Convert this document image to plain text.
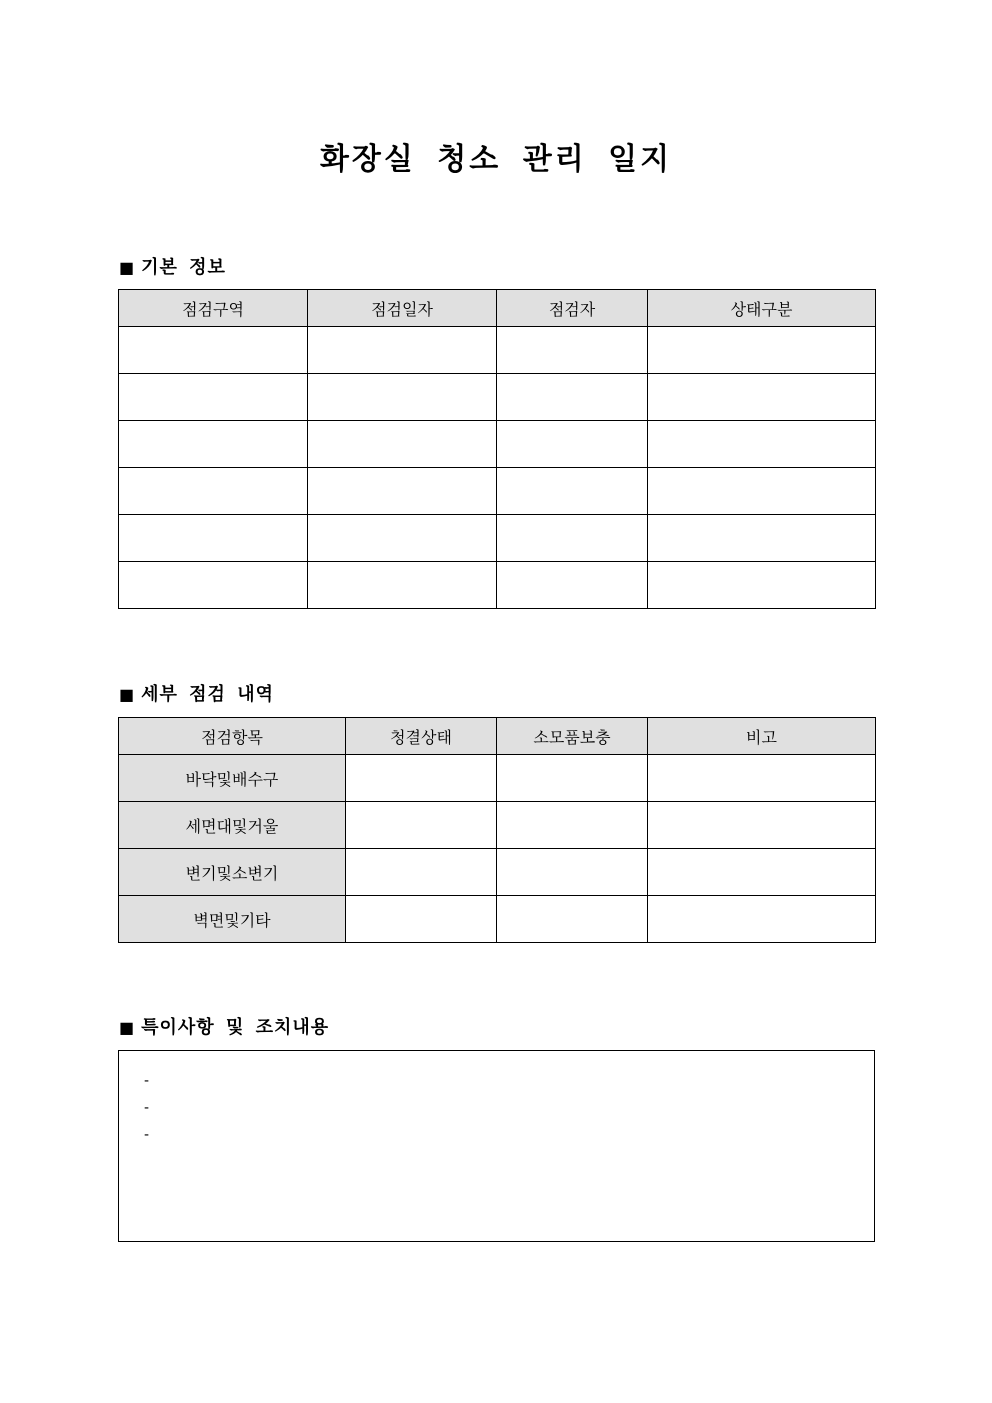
화장실 청소 관리 일지
■ 기본 정보
점검구역	점검일자	점검자	상태구분

■ 세부 점검 내역
점검항목	청결상태	소모품보충	비고
바닥및배수구			
세면대및거울			
변기및소변기			
벽면및기타			
■ 특이사항 및 조치내용
-
-
-
